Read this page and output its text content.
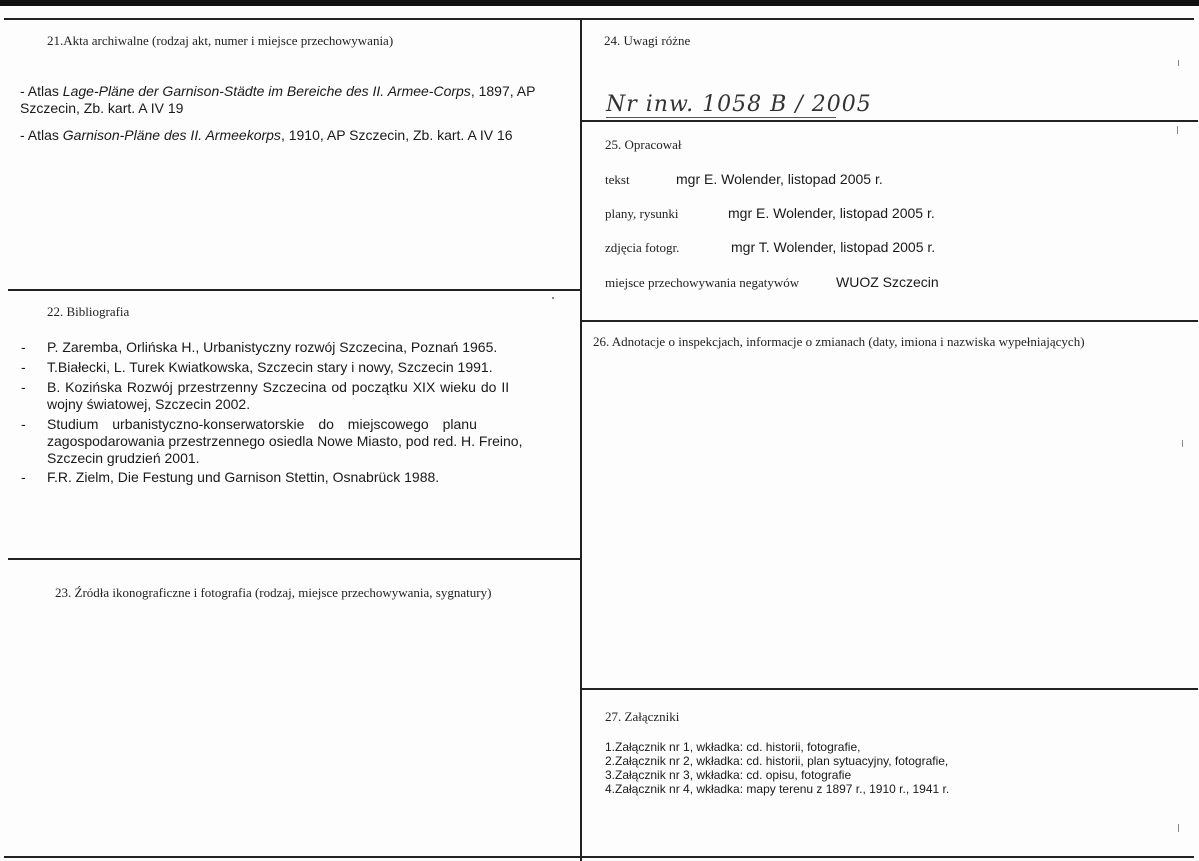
21.Akta archiwalne (rodzaj akt, numer i miejsce przechowywania)
- Atlas Lage-Pläne der Garnison-Städte im Bereiche des II. Armee-Corps, 1897, AP
Szczecin, Zb. kart. A IV 19
- Atlas Garnison-Pläne des II. Armeekorps, 1910, AP Szczecin, Zb. kart. A IV 16
22. Bibliografia
- P. Zaremba, Orlińska H., Urbanistyczny rozwój Szczecina, Poznań 1965.
- T.Białecki, L. Turek Kwiatkowska, Szczecin stary i nowy, Szczecin 1991.
- B. Kozińska Rozwój przestrzenny Szczecina od początku XIX wieku do II
wojny światowej, Szczecin 2002.
- Studium urbanistyczno-konserwatorskie do miejscowego planu
zagospodarowania przestrzennego osiedla Nowe Miasto, pod red. H. Freino,
Szczecin grudzień 2001.
- F.R. Zielm, Die Festung und Garnison Stettin, Osnabrück 1988.
23. Źródła ikonograficzne i fotografia (rodzaj, miejsce przechowywania, sygnatury)
24. Uwagi różne
Nr inw. 1058 B / 2005
25. Opracował
tekst	mgr E. Wolender, listopad 2005 r.
plany, rysunki	mgr E. Wolender, listopad 2005 r.
zdjęcia fotogr.	mgr T. Wolender, listopad 2005 r.
miejsce przechowywania negatywów	WUOZ Szczecin
26. Adnotacje o inspekcjach, informacje o zmianach (daty, imiona i nazwiska wypełniających)
27. Załączniki
1.Załącznik nr 1, wkładka: cd. historii, fotografie,
2.Załącznik nr 2, wkładka: cd. historii, plan sytuacyjny, fotografie,
3.Załącznik nr 3, wkładka: cd. opisu, fotografie
4.Załącznik nr 4, wkładka: mapy terenu z 1897 r., 1910 r., 1941 r.
